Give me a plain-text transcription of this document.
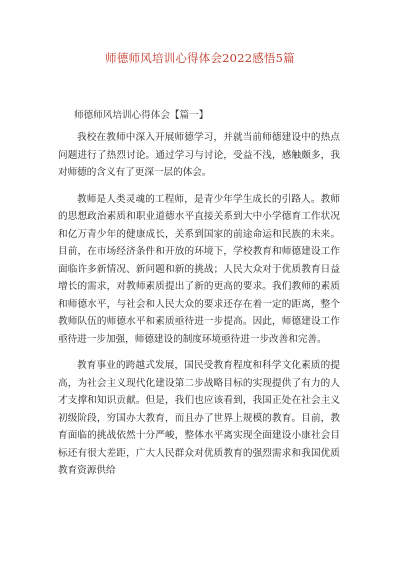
师德师风培训心得体会2022感悟5篇
师德师风培训心得体会【篇一】

我校在教师中深入开展师德学习，并就当前师德建设中的热点问题进行了热烈讨论。通过学习与讨论，受益不浅，感触颇多，我对师德的含义有了更深一层的体会。

教师是人类灵魂的工程师，是青少年学生成长的引路人。教师的思想政治素质和职业道德水平直接关系到大中小学德育工作状况和亿万青少年的健康成长，关系到国家的前途命运和民族的未来。目前，在市场经济条件和开放的环境下，学校教育和师德建设工作面临许多新情况、新问题和新的挑战；人民大众对于优质教育日益增长的需求，对教师素质提出了新的更高的要求。我们教师的素质和师德水平，与社会和人民大众的要求还存在着一定的距离，整个教师队伍的师德水平和素质亟待进一步提高。因此，师德建设工作亟待进一步加强，师德建设的制度环境亟待进一步改善和完善。

教育事业的跨越式发展，国民受教育程度和科学文化素质的提高，为社会主义现代化建设第二步战略目标的实现提供了有力的人才支撑和知识贡献。但是，我们也应该看到，我国正处在社会主义初级阶段，穷国办大教育，而且办了世界上规模的教育。目前，教育面临的挑战依然十分严峻，整体水平离实现全面建设小康社会目标还有很大差距，广大人民群众对优质教育的强烈需求和我国优质教育资源供给
